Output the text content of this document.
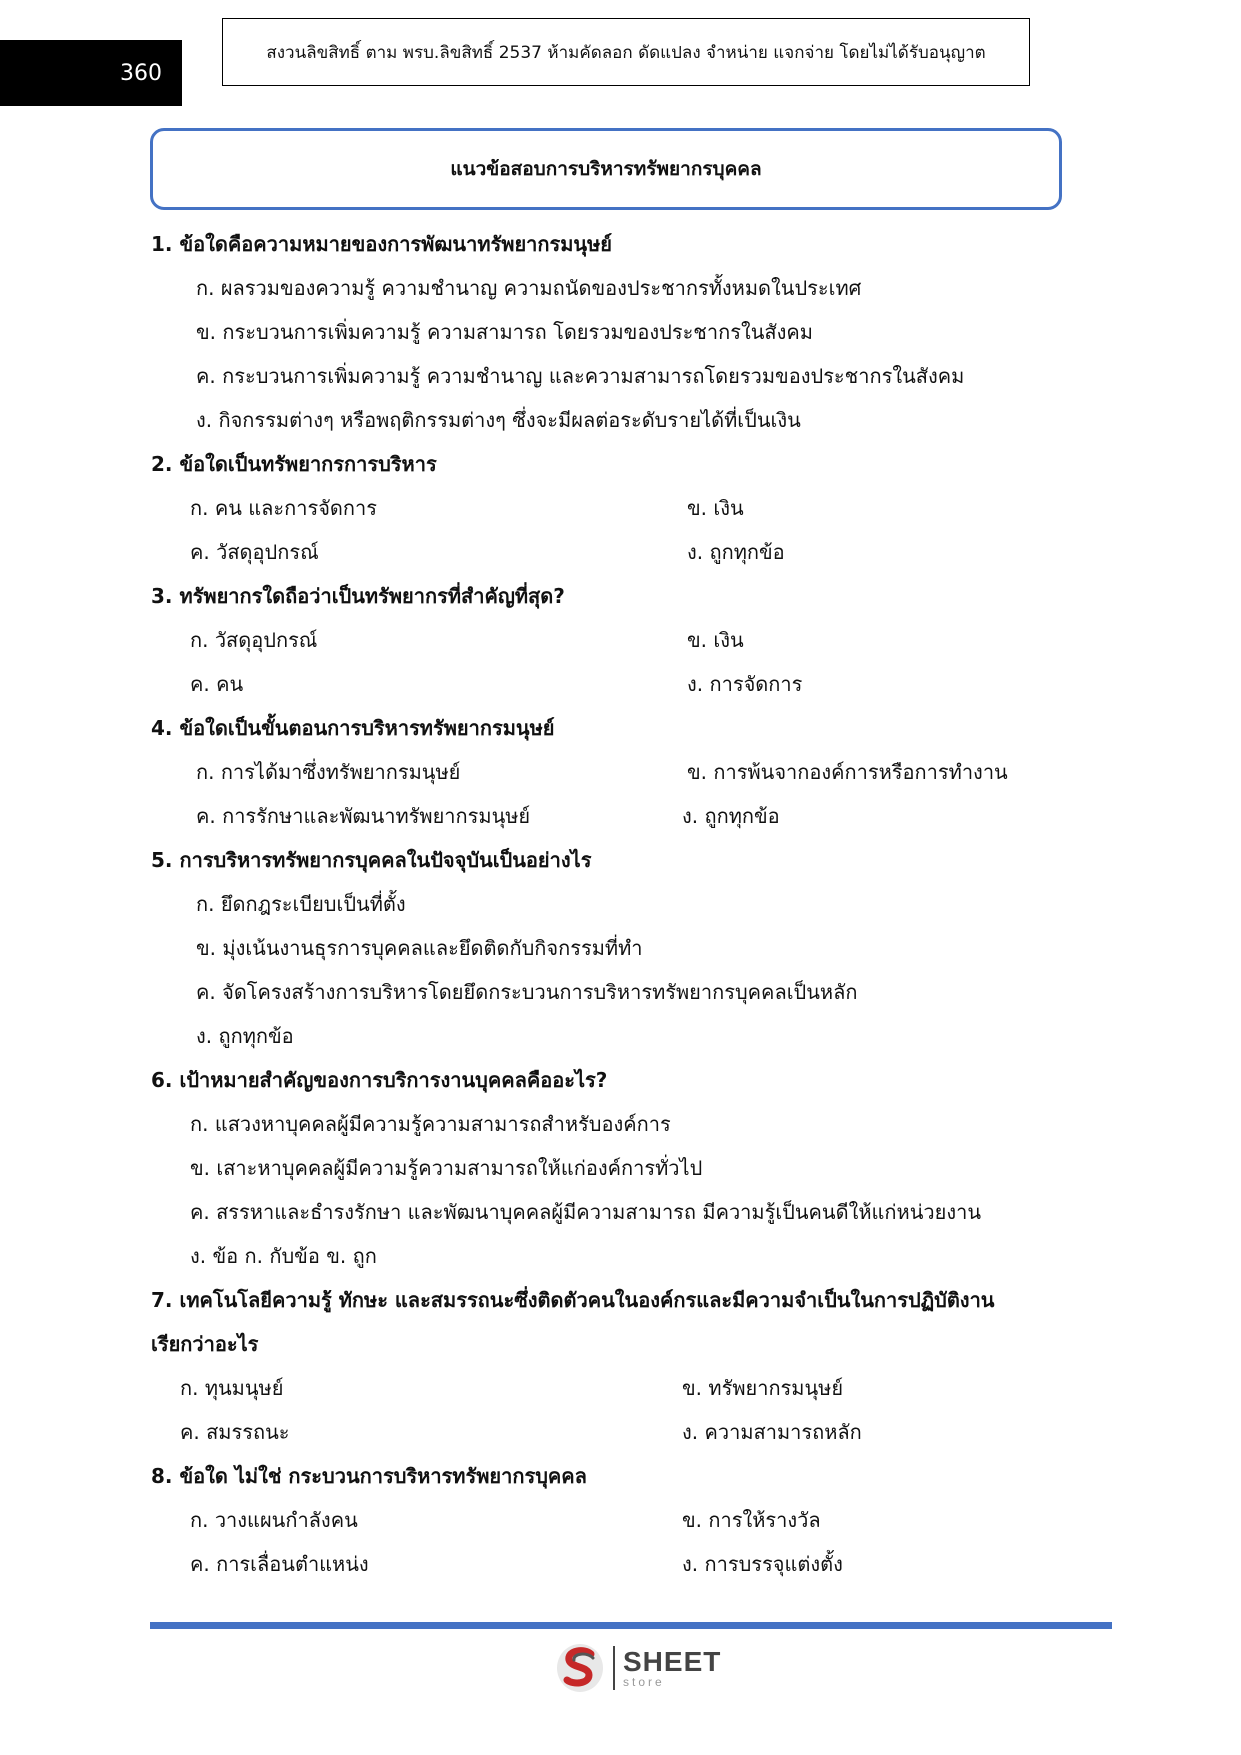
360
สงวนลิขสิทธิ์ ตาม พรบ.ลิขสิทธิ์ 2537 ห้ามคัดลอก ดัดแปลง จำหน่าย แจกจ่าย โดยไม่ได้รับอนุญาต
แนวข้อสอบการบริหารทรัพยากรบุคคล
1. ข้อใดคือความหมายของการพัฒนาทรัพยากรมนุษย์
ก. ผลรวมของความรู้ ความชำนาญ ความถนัดของประชากรทั้งหมดในประเทศ
ข. กระบวนการเพิ่มความรู้ ความสามารถ โดยรวมของประชากรในสังคม
ค. กระบวนการเพิ่มความรู้ ความชำนาญ และความสามารถโดยรวมของประชากรในสังคม
ง. กิจกรรมต่างๆ หรือพฤติกรรมต่างๆ ซึ่งจะมีผลต่อระดับรายได้ที่เป็นเงิน
2. ข้อใดเป็นทรัพยากรการบริหาร
ก. คน และการจัดการ	ข. เงิน
ค. วัสดุอุปกรณ์	ง. ถูกทุกข้อ
3. ทรัพยากรใดถือว่าเป็นทรัพยากรที่สำคัญที่สุด?
ก. วัสดุอุปกรณ์	ข. เงิน
ค. คน	ง. การจัดการ
4. ข้อใดเป็นขั้นตอนการบริหารทรัพยากรมนุษย์
ก. การได้มาซึ่งทรัพยากรมนุษย์	ข. การพ้นจากองค์การหรือการทำงาน
ค. การรักษาและพัฒนาทรัพยากรมนุษย์	ง. ถูกทุกข้อ
5. การบริหารทรัพยากรบุคคลในปัจจุบันเป็นอย่างไร
ก. ยึดกฎระเบียบเป็นที่ตั้ง
ข. มุ่งเน้นงานธุรการบุคคลและยึดติดกับกิจกรรมที่ทำ
ค. จัดโครงสร้างการบริหารโดยยึดกระบวนการบริหารทรัพยากรบุคคลเป็นหลัก
ง. ถูกทุกข้อ
6. เป้าหมายสำคัญของการบริการงานบุคคลคืออะไร?
ก. แสวงหาบุคคลผู้มีความรู้ความสามารถสำหรับองค์การ
ข. เสาะหาบุคคลผู้มีความรู้ความสามารถให้แก่องค์การทั่วไป
ค. สรรหาและธำรงรักษา และพัฒนาบุคคลผู้มีความสามารถ มีความรู้เป็นคนดีให้แก่หน่วยงาน
ง. ข้อ ก. กับข้อ ข. ถูก
7. เทคโนโลยีความรู้ ทักษะ และสมรรถนะซึ่งติดตัวคนในองค์กรและมีความจำเป็นในการปฏิบัติงาน
เรียกว่าอะไร
ก. ทุนมนุษย์	ข. ทรัพยากรมนุษย์
ค. สมรรถนะ	ง. ความสามารถหลัก
8. ข้อใด ไม่ใช่ กระบวนการบริหารทรัพยากรบุคคล
ก. วางแผนกำลังคน	ข. การให้รางวัล
ค. การเลื่อนตำแหน่ง	ง. การบรรจุแต่งตั้ง
SHEET
store
